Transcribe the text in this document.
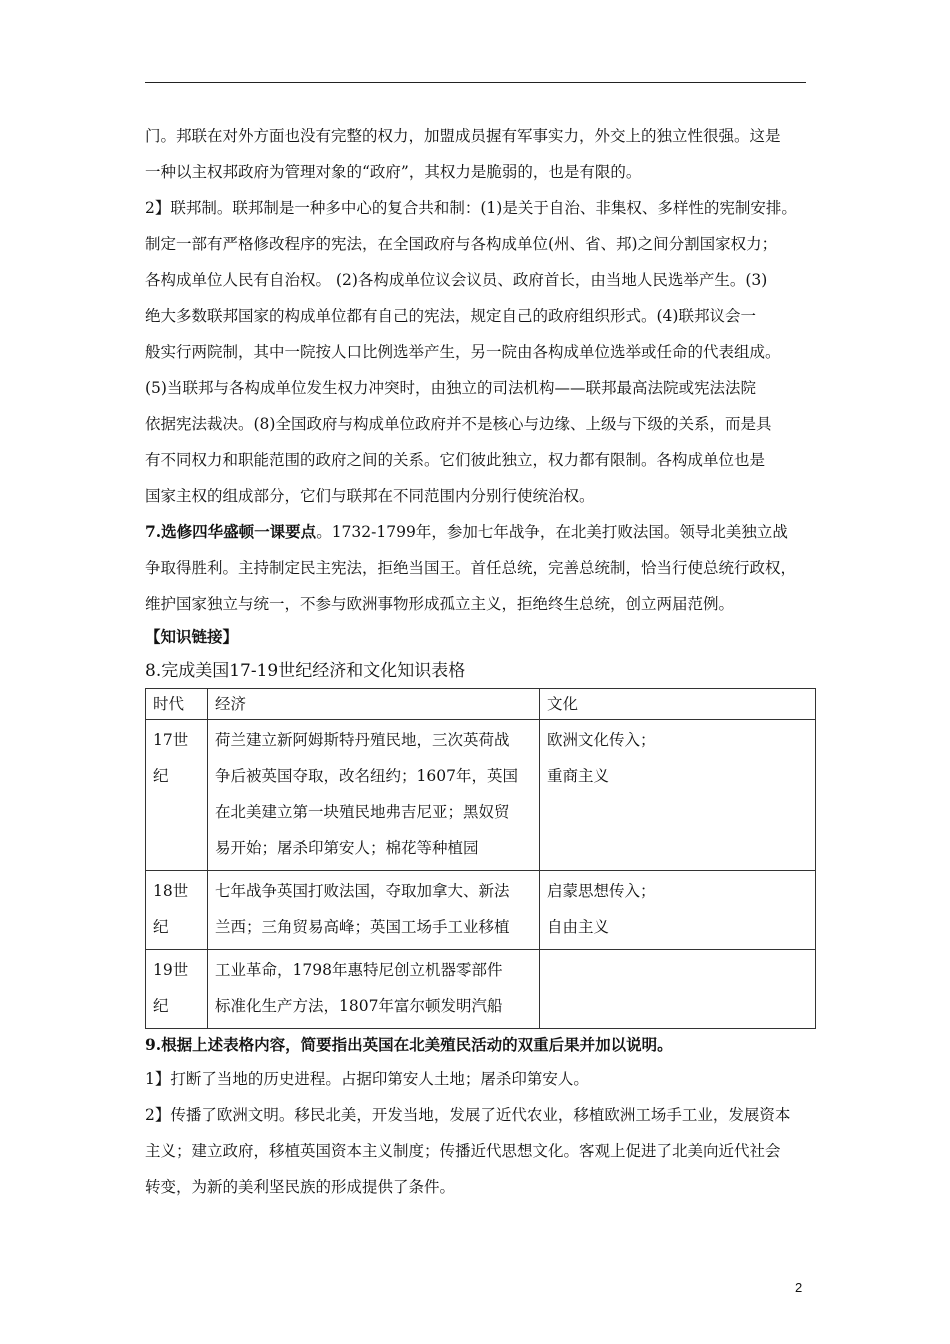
门。邦联在对外方面也没有完整的权力，加盟成员握有军事实力，外交上的独立性很强。这是

一种以主权邦政府为管理对象的“政府”，其权力是脆弱的，也是有限的。

2】联邦制。联邦制是一种多中心的复合共和制：(1)是关于自治、非集权、多样性的宪制安排。

制定一部有严格修改程序的宪法，在全国政府与各构成单位(州、省、邦)之间分割国家权力；

各构成单位人民有自治权。 (2)各构成单位议会议员、政府首长，由当地人民选举产生。(3)

绝大多数联邦国家的构成单位都有自己的宪法，规定自己的政府组织形式。(4)联邦议会一

般实行两院制，其中一院按人口比例选举产生，另一院由各构成单位选举或任命的代表组成。

(5)当联邦与各构成单位发生权力冲突时，由独立的司法机构——联邦最高法院或宪法法院

依据宪法裁决。(8)全国政府与构成单位政府并不是核心与边缘、上级与下级的关系，而是具

有不同权力和职能范围的政府之间的关系。它们彼此独立，权力都有限制。各构成单位也是

国家主权的组成部分，它们与联邦在不同范围内分别行使统治权。

7.选修四华盛顿一课要点。1732-1799年，参加七年战争，在北美打败法国。领导北美独立战

争取得胜利。主持制定民主宪法，拒绝当国王。首任总统，完善总统制，恰当行使总统行政权，

维护国家独立与统一，不参与欧洲事物形成孤立主义，拒绝终生总统，创立两届范例。

【知识链接】

8.完成美国17-19世纪经济和文化知识表格

时代	经济	文化

17世
纪	荷兰建立新阿姆斯特丹殖民地，三次英荷战
争后被英国夺取，改名纽约；1607年，英国
在北美建立第一块殖民地弗吉尼亚；黑奴贸
易开始；屠杀印第安人；棉花等种植园	欧洲文化传入；
重商主义

18世
纪	七年战争英国打败法国，夺取加拿大、新法
兰西；三角贸易高峰；英国工场手工业移植	启蒙思想传入；
自由主义

19世
纪	工业革命，1798年惠特尼创立机器零部件
标准化生产方法，1807年富尔顿发明汽船	

9.根据上述表格内容，简要指出英国在北美殖民活动的双重后果并加以说明。

1】打断了当地的历史进程。占据印第安人土地；屠杀印第安人。

2】传播了欧洲文明。移民北美，开发当地，发展了近代农业，移植欧洲工场手工业，发展资本

主义；建立政府，移植英国资本主义制度；传播近代思想文化。客观上促进了北美向近代社会

转变，为新的美利坚民族的形成提供了条件。

2
